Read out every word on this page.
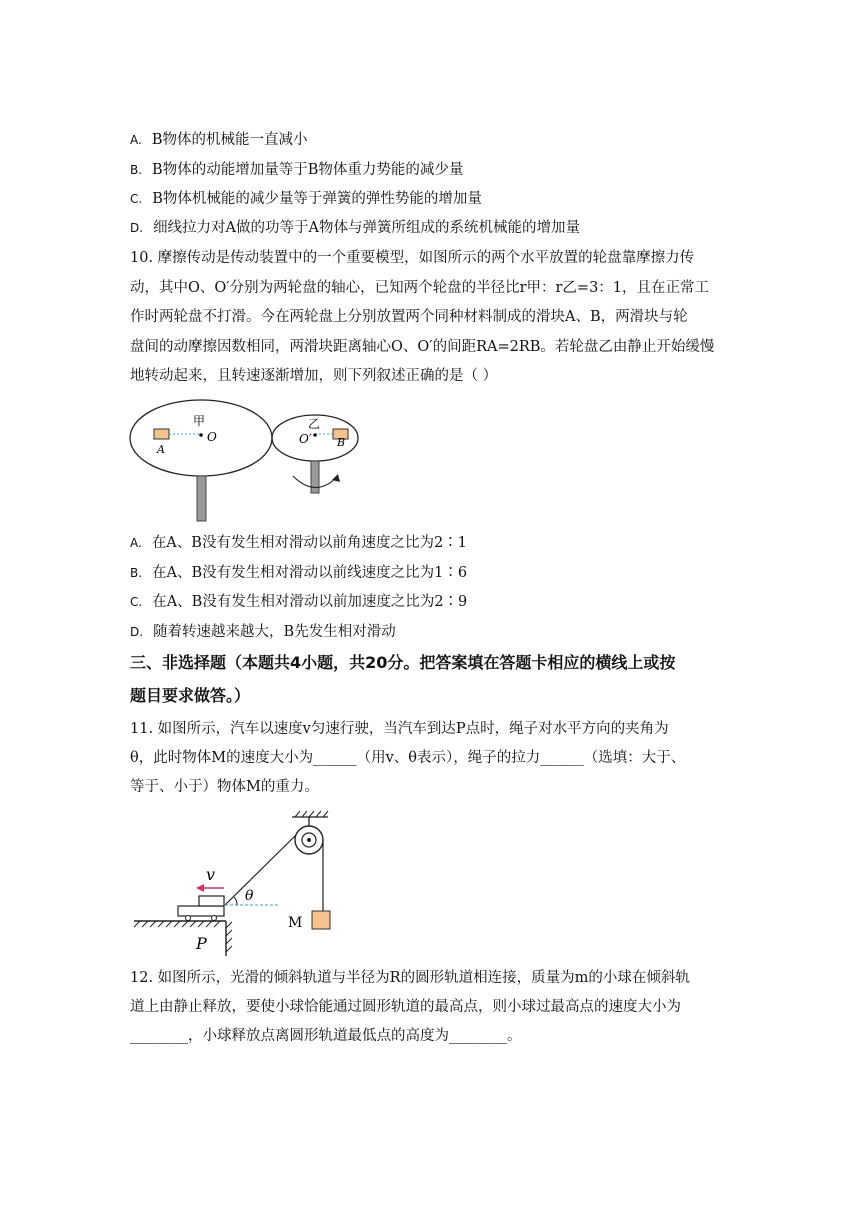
A. B物体的机械能一直减小
B. B物体的动能增加量等于B物体重力势能的减少量
C. B物体机械能的减少量等于弹簧的弹性势能的增加量
D. 细线拉力对A做的功等于A物体与弹簧所组成的系统机械能的增加量
10. 摩擦传动是传动装置中的一个重要模型，如图所示的两个水平放置的轮盘靠摩擦力传
动，其中O、O′分别为两轮盘的轴心，已知两个轮盘的半径比r甲：r乙=3：1，且在正常工
作时两轮盘不打滑。今在两轮盘上分别放置两个同种材料制成的滑块A、B，两滑块与轮
盘间的动摩擦因数相同，两滑块距离轴心O、O′的间距RA=2RB。若轮盘乙由静止开始缓慢
地转动起来，且转速逐渐增加，则下列叙述正确的是（ ）
甲	乙
O	O′
A
B
A. 在A、B没有发生相对滑动以前角速度之比为2∶1
B. 在A、B没有发生相对滑动以前线速度之比为1∶6
C. 在A、B没有发生相对滑动以前加速度之比为2∶9
D. 随着转速越来越大，B先发生相对滑动
三、非选择题（本题共4小题，共20分。把答案填在答题卡相应的横线上或按
题目要求做答。）
11. 如图所示，汽车以速度v匀速行驶，当汽车到达P点时，绳子对水平方向的夹角为
θ，此时物体M的速度大小为______（用v、θ表示），绳子的拉力______（选填：大于、
等于、小于）物体M的重力。
M
θ
v
P
12. 如图所示，光滑的倾斜轨道与半径为R的圆形轨道相连接，质量为m的小球在倾斜轨
道上由静止释放，要使小球恰能通过圆形轨道的最高点，则小球过最高点的速度大小为
________，小球释放点离圆形轨道最低点的高度为________。
